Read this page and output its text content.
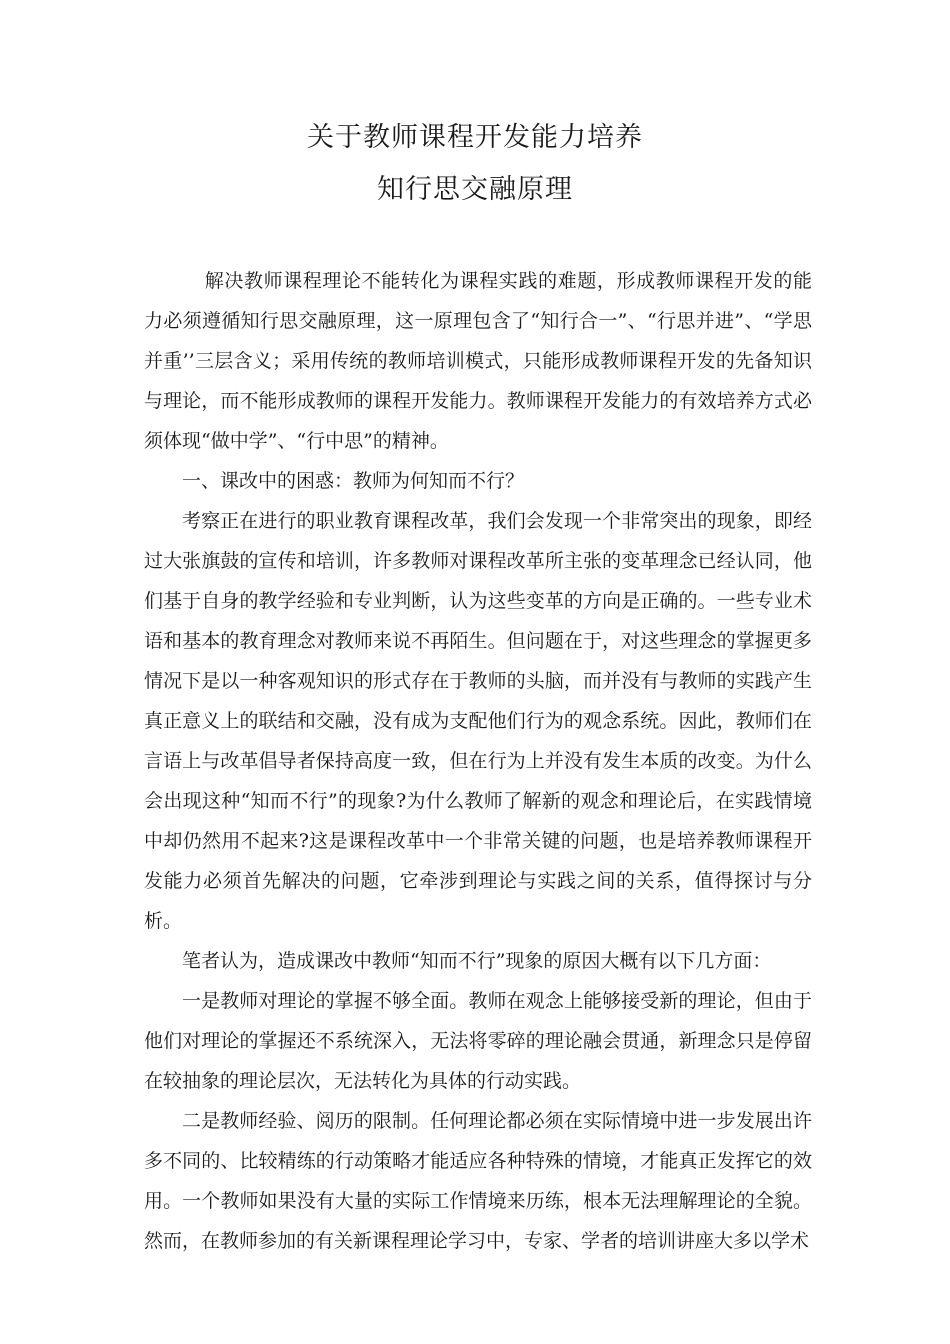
关于教师课程开发能力培养
知行思交融原理

解决教师课程理论不能转化为课程实践的难题，形成教师课程开发的能力必须遵循知行思交融原理，这一原理包含了“知行合一”、“行思并进”、“学思并重’’三层含义；采用传统的教师培训模式，只能形成教师课程开发的先备知识与理论，而不能形成教师的课程开发能力。教师课程开发能力的有效培养方式必须体现“做中学”、“行中思”的精神。

一、课改中的困惑：教师为何知而不行？

考察正在进行的职业教育课程改革，我们会发现一个非常突出的现象，即经过大张旗鼓的宣传和培训，许多教师对课程改革所主张的变革理念已经认同，他们基于自身的教学经验和专业判断，认为这些变革的方向是正确的。一些专业术语和基本的教育理念对教师来说不再陌生。但问题在于，对这些理念的掌握更多情况下是以一种客观知识的形式存在于教师的头脑，而并没有与教师的实践产生真正意义上的联结和交融，没有成为支配他们行为的观念系统。因此，教师们在言语上与改革倡导者保持高度一致，但在行为上并没有发生本质的改变。为什么会出现这种“知而不行”的现象?为什么教师了解新的观念和理论后，在实践情境中却仍然用不起来?这是课程改革中一个非常关键的问题，也是培养教师课程开发能力必须首先解决的问题，它牵涉到理论与实践之间的关系，值得探讨与分析。

笔者认为，造成课改中教师“知而不行”现象的原因大概有以下几方面：

一是教师对理论的掌握不够全面。教师在观念上能够接受新的理论，但由于他们对理论的掌握还不系统深入，无法将零碎的理论融会贯通，新理念只是停留在较抽象的理论层次，无法转化为具体的行动实践。

二是教师经验、阅历的限制。任何理论都必须在实际情境中进一步发展出许多不同的、比较精练的行动策略才能适应各种特殊的情境，才能真正发挥它的效用。一个教师如果没有大量的实际工作情境来历练，根本无法理解理论的全貌。然而，在教师参加的有关新课程理论学习中，专家、学者的培训讲座大多以学术
